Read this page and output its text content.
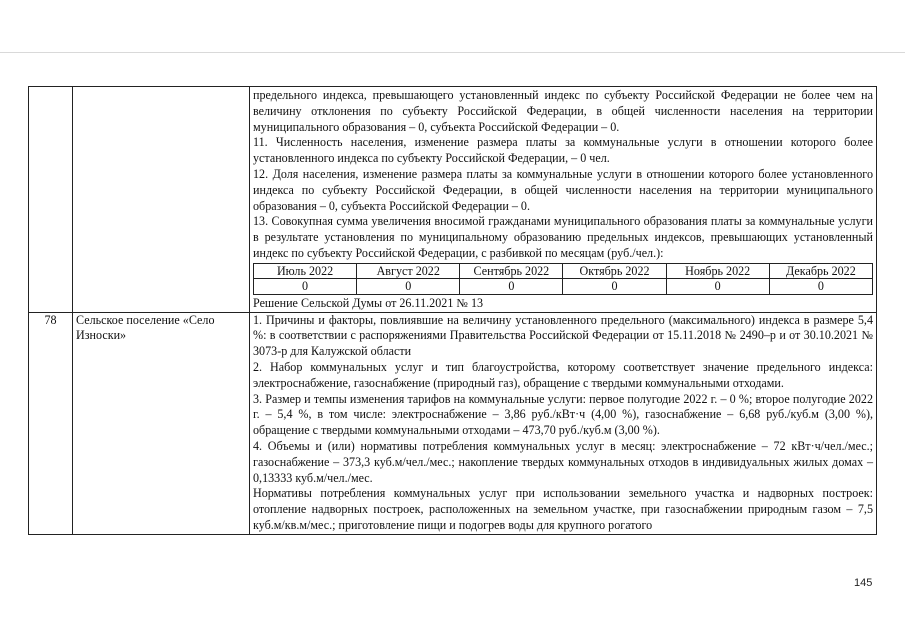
предельного индекса, превышающего установленный индекс по субъекту Российской Федерации не более чем на величину отклонения по субъекту Российской Федерации, в общей численности населения на территории муниципального образования – 0, субъекта Российской Федерации – 0.

11. Численность населения, изменение размера платы за коммунальные услуги в отношении которого более установленного индекса по субъекту Российской Федерации, – 0 чел.

12. Доля населения, изменение размера платы за коммунальные услуги в отношении которого более установленного индекса по субъекту Российской Федерации, в общей численности населения на территории муниципального образования – 0, субъекта Российской Федерации – 0.

13. Совокупная сумма увеличения вносимой гражданами муниципального образования платы за коммунальные услуги в результате установления по муниципальному образованию предельных индексов, превышающих установленный индекс по субъекту Российской Федерации, с разбивкой по месяцам (руб./чел.):

Июль 2022	Август 2022	Сентябрь 2022	Октябрь 2022	Ноябрь 2022	Декабрь 2022
0	0	0	0	0	0

Решение Сельской Думы от 26.11.2021 № 13

78	Сельское поселение «Село Износки»	

1. Причины и факторы, повлиявшие на величину установленного предельного (максимального) индекса в размере 5,4 %: в соответствии с распоряжениями Правительства Российской Федерации от 15.11.2018 № 2490–р и от 30.10.2021 № 3073-р для Калужской области

2. Набор коммунальных услуг и тип благоустройства, которому соответствует значение предельного индекса: электроснабжение, газоснабжение (природный газ), обращение с твердыми коммунальными отходами.

3. Размер и темпы изменения тарифов на коммунальные услуги: первое полугодие 2022 г. – 0 %; второе полугодие 2022 г. – 5,4 %, в том числе: электроснабжение – 3,86 руб./кВт·ч (4,00 %), газоснабжение – 6,68 руб./куб.м (3,00 %), обращение с твердыми коммунальными отходами – 473,70 руб./куб.м (3,00 %).

4. Объемы и (или) нормативы потребления коммунальных услуг в месяц: электроснабжение – 72 кВт·ч/чел./мес.; газоснабжение – 373,3 куб.м/чел./мес.; накопление твердых коммунальных отходов в индивидуальных жилых домах – 0,13333 куб.м/чел./мес.

Нормативы потребления коммунальных услуг при использовании земельного участка и надворных построек: отопление надворных построек, расположенных на земельном участке, при газоснабжении природным газом – 7,5 куб.м/кв.м/мес.; приготовление пищи и подогрев воды для крупного рогатого

145
